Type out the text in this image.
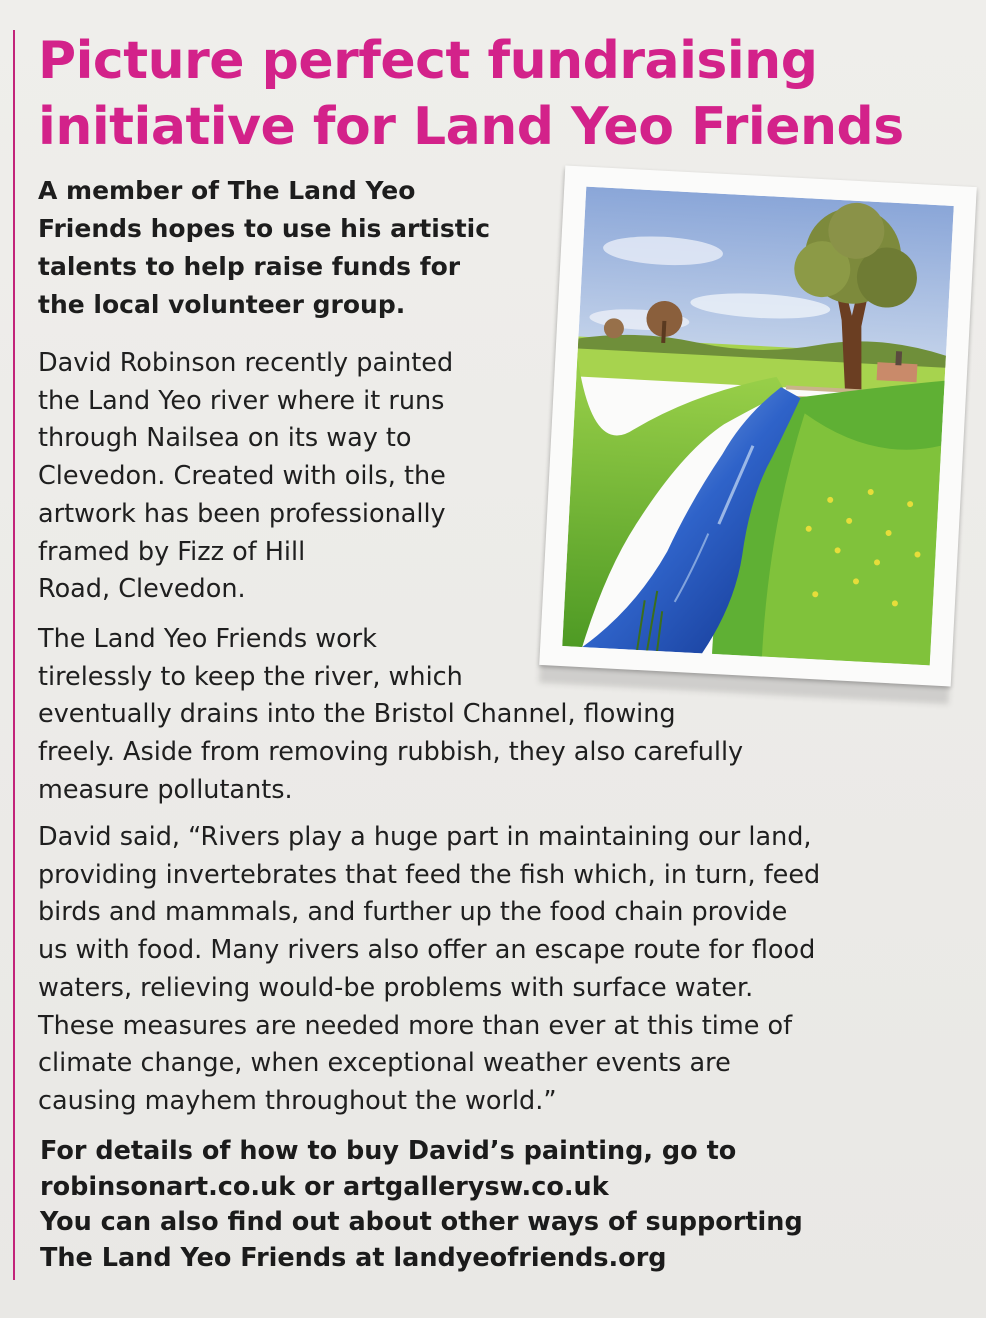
Picture perfect fundraising
initiative for Land Yeo Friends

A member of The Land Yeo
Friends hopes to use his artistic
talents to help raise funds for
the local volunteer group.

David Robinson recently painted
the Land Yeo river where it runs
through Nailsea on its way to
Clevedon. Created with oils, the
artwork has been professionally
framed by Fizz of Hill
Road, Clevedon.

The Land Yeo Friends work
tirelessly to keep the river, which
eventually drains into the Bristol Channel, flowing
freely. Aside from removing rubbish, they also carefully
measure pollutants.

David said, “Rivers play a huge part in maintaining our land,
providing invertebrates that feed the fish which, in turn, feed
birds and mammals, and further up the food chain provide
us with food. Many rivers also offer an escape route for flood
waters, relieving would-be problems with surface water.
These measures are needed more than ever at this time of
climate change, when exceptional weather events are
causing mayhem throughout the world.”

For details of how to buy David’s painting, go to
robinsonart.co.uk or artgallerysw.co.uk
You can also find out about other ways of supporting
The Land Yeo Friends at landyeofriends.org
